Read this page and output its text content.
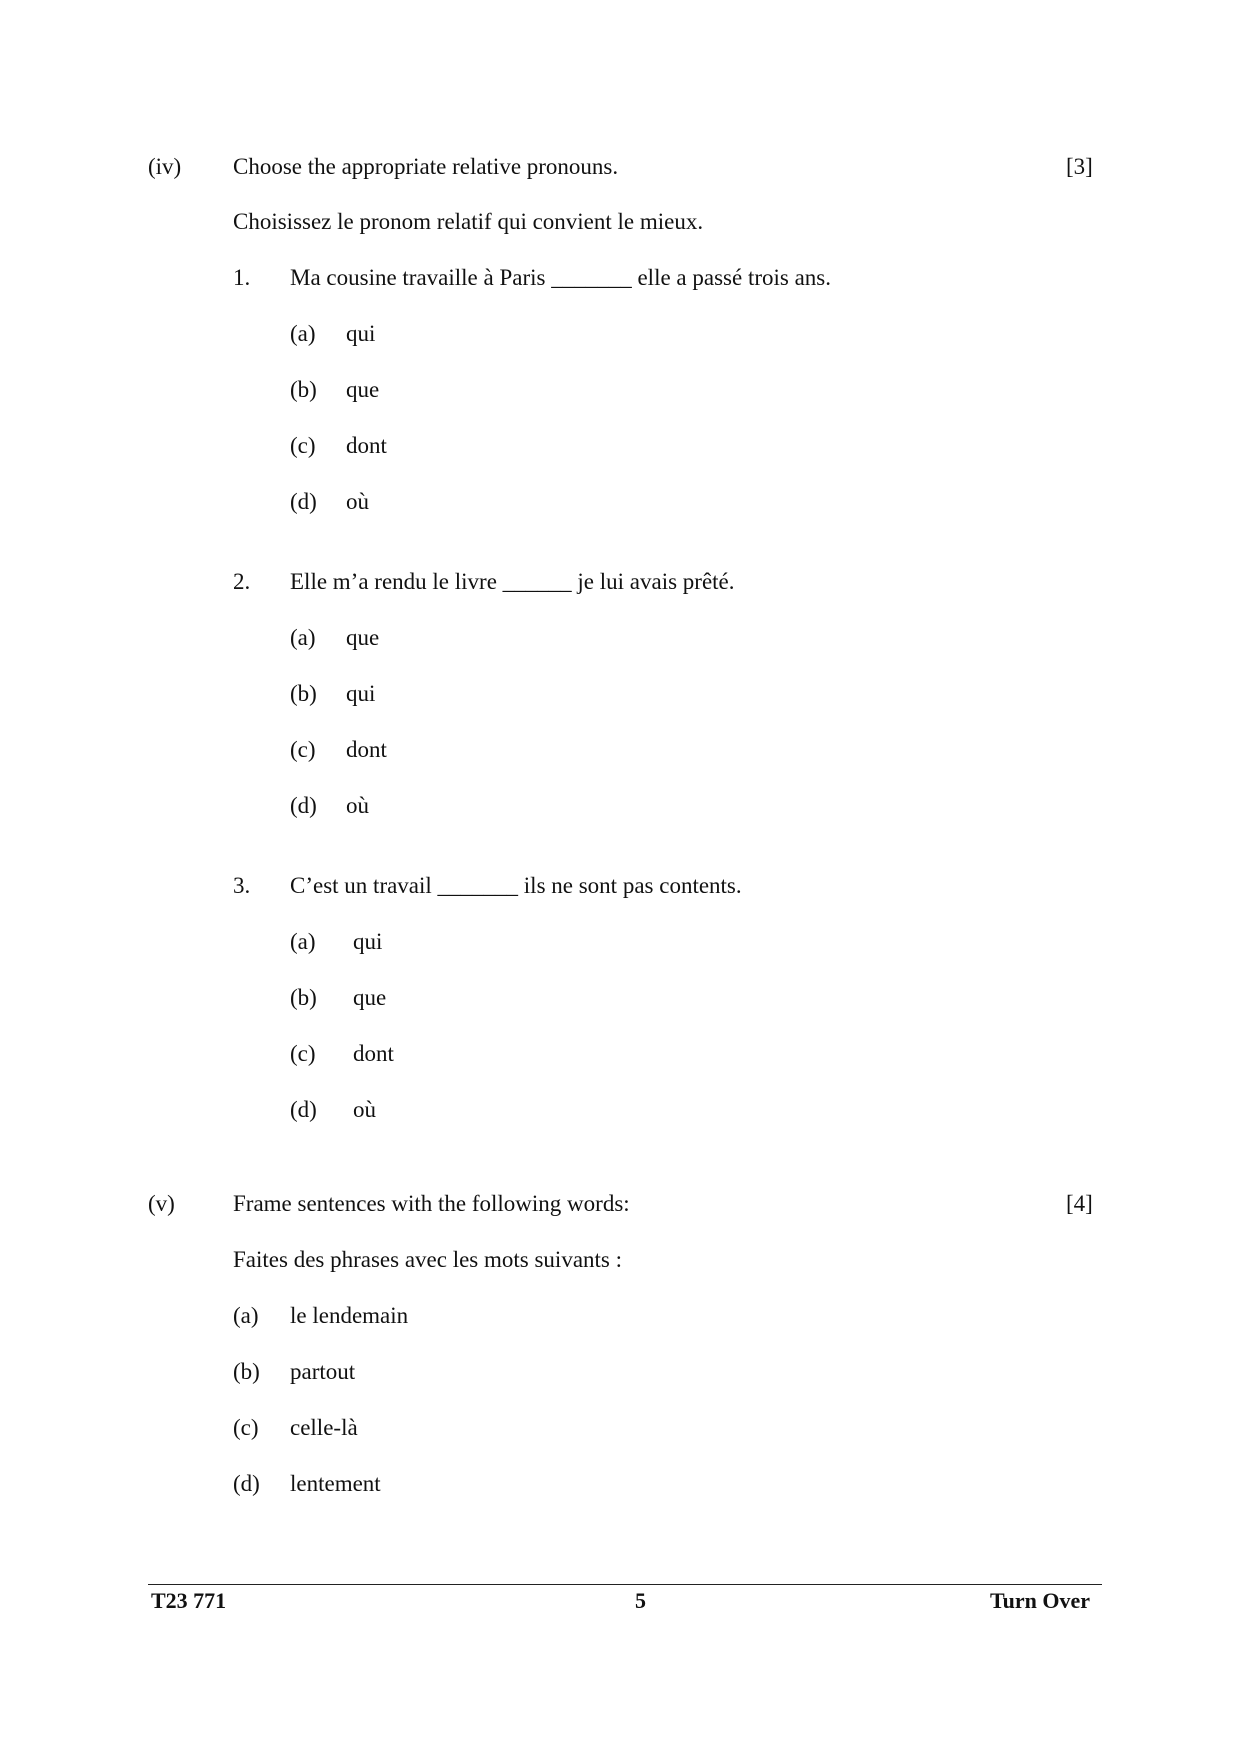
(iv) Choose the appropriate relative pronouns.	[3]
Choisissez le pronom relatif qui convient le mieux.
1. Ma cousine travaille à Paris _______ elle a passé trois ans.
(a) qui
(b) que
(c) dont
(d) où
2. Elle m’a rendu le livre ______ je lui avais prêté.
(a) que
(b) qui
(c) dont
(d) où
3. C’est un travail _______ ils ne sont pas contents.
(a) qui
(b) que
(c) dont
(d) où
(v)	Frame sentences with the following words:	[4]
Faites des phrases avec les mots suivants :
(a) le lendemain
(b) partout
(c) celle-là
(d) lentement
T23 771	5	Turn Over
